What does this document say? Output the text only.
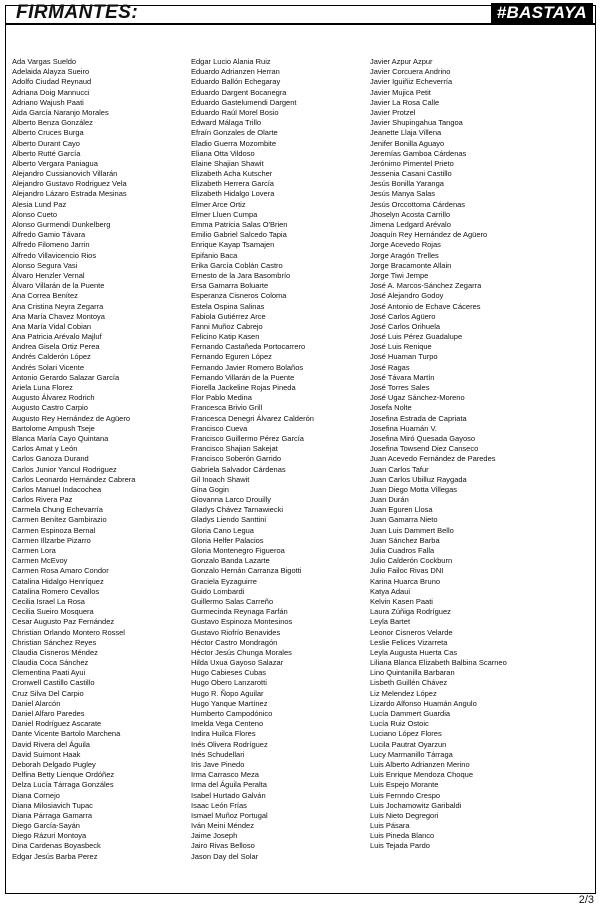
FIRMANTES:	#BASTAYA
Ada Vargas Sueldo
Adelaida Alayza Sueiro
Adolfo Ciudad Reynaud
Adriana Doig Mannucci
Adriano Wajush Paati
Aida García Naranjo Morales
Alberto Benza González
Alberto Cruces Burga
Alberto Durant Cayo
Alberto Rutté García
Alberto Vergara Paniagua
Alejandro Cussianovich Villarán
Alejandro Gustavo Rodriguez Vela
Alejandro Lázaro Estrada Mesinas
Alesia Lund Paz
Alonso Cueto
Alonso Gurmendi Dunkelberg
Alfredo Gamio Távara
Alfredo Filomeno Jarrin
Alfredo Villavicencio Rios
Alonso Segura Vasi
Álvaro Henzler Vernal
Álvaro Villarán de la Puente
Ana Correa Benítez
Ana Cristina Neyra Zegarra
Ana María Chavez Montoya
Ana María Vidal Cobian
Ana Patricia Arévalo Majluf
Andrea Gisela Ortiz Perea
Andrés Calderón López
Andrés Solari Vicente
Antonio Gerardo Salazar García
Ariela Luna Florez
Augusto Álvarez Rodrich
Augusto Castro Carpio
Augusto Rey Hernández de Agüero
Bartolome Ampush Tseje
Blanca María Cayo Quintana
Carlos Amat y León
Carlos Ganoza Durand
Carlos Junior Yancul Rodriguez
Carlos Leonardo Hernández Cabrera
Carlos Manuel Indacochea
Carlos Rivera Paz
Carmela Chung Echevarría
Carmen Benítez Gambirazio
Carmen Espinoza Bernal
Carmen Illzarbe Pizarro
Carmen Lora
Carmen McEvoy
Carmen Rosa Amaro Condor
Catalina Hidalgo Henríquez
Catalina Romero Cevallos
Cecilia Israel La Rosa
Cecilia Sueiro Mosquera
Cesar Augusto Paz Fernández
Christian Orlando Montero Rossel
Christian Sánchez Reyes
Claudia Cisneros Méndez
Claudia Coca Sánchez
Clementina Paati Ayui
Cronwell Castillo Castillo
Cruz Silva Del Carpio
Daniel Alarcón
Daniel Alfaro Paredes
Daniel Rodríguez Ascarate
Dante Vicente Bartolo Marchena
David Rivera del Águila
David Suimont Haak
Deborah Delgado Pugley
Delfina Betty Lienque Ordóñez
Delza Lucía Tárraga Gonzáles
Diana Cornejo
Diana Milosiavich Tupac
Diana Párraga Gamarra
Diego García-Sayán
Diego Rázuri Montoya
Dina Cardenas Boyasbeck
Edgar Jesús Barba Perez
Edgar Lucio Alania Ruiz
Eduardo Adrianzen Herran
Eduardo Ballón Echegaray
Eduardo Dargent Bocanegra
Eduardo Gastelumendi Dargent
Eduardo Raúl Morel Bosio
Edward Málaga Trillo
Efraín Gonzales de Olarte
Eladio Guerra Mozombite
Eliana Otta Vildoso
Elaine Shajian Shawit
Elizabeth Acha Kutscher
Elizabeth Herrera García
Elizabeth Hidalgo Lovera
Elmer Arce Ortiz
Elmer Lluen Cumpa
Emma Patricia Salas O'Brien
Emilio Gabriel Salcedo Tapia
Enrique Kayap Tsamajen
Epifanio Baca
Erika García Coblán Castro
Ernesto de la Jara Basombrío
Ersa Gamarra Boluarte
Esperanza Cisneros Coloma
Estela Ospina Salinas
Fabiola Gutiérrez Arce
Fanni Muñoz Cabrejo
Felicino Katip Kasen
Fernando Castañeda Portocarrero
Fernando Eguren López
Fernando Javier Romero Bolaños
Fernando Villarán de la Puente
Fiorella Jackeline Rojas Pineda
Flor Pablo Medina
Francesca Brivio Grill
Francesca Denegri Álvarez Calderón
Francisco Cueva
Francisco Guillermo Pérez García
Francisco Shajian Sakejat
Francisco Soberón Garrido
Gabriela Salvador Cárdenas
Gil Inoach Shawit
Gina Gogin
Giovanna Larco Drouilly
Gladys Chávez Tarnawiecki
Gladys Liendo Santtini
Gloria Cano Legua
Gloria Helfer Palacios
Gloria Montenegro Figueroa
Gonzalo Banda Lazarte
Gonzalo Hernán Carranza Bigotti
Graciela Eyzaguirre
Guido Lombardi
Guillermo Salas Carreño
Gurmecinda Reynaga Farfán
Gustavo Espinoza Montesinos
Gustavo Riofrío Benavides
Héctor Castro Mondragón
Héctor Jesús Chunga Morales
Hilda Uxua Gayoso Salazar
Hugo Cabieses Cubas
Hugo Obero Lanzarotti
Hugo R. Ñopo Aguilar
Hugo Yanque Martínez
Humberto Campodónico
Imelda Vega Centeno
Indira Huilca Flores
Inés Olivera Rodríguez
Inés Schudellari
Iris Jave Pinedo
Irma Carrasco Meza
Irma del Águila Peralta
Isabel Hurtado Galván
Isaac León Frías
Ismael Muñoz Portugal
Iván Meini Méndez
Jaime Joseph
Jairo Rivas Belloso
Jason Day del Solar
Javier Azpur Azpur
Javier Corcuera Andrino
Javier Iguiñiz Echeverría
Javier Mujica Petit
Javier La Rosa Calle
Javier Protzel
Javier Shupingahua Tangoa
Jeanette Llaja Villena
Jenifer Bonilla Aguayo
Jeremías Gamboa Cárdenas
Jerónimo Pimentel Prieto
Jessenia Casani Castillo
Jesús Bonilla Yaranga
Jesús Manya Salas
Jesús Orccottoma Cárdenas
Jhoselyn Acosta Carrillo
Jimena Ledgard Arévalo
Joaquín Rey Hernández de Agüero
Jorge Acevedo Rojas
Jorge Aragón Trelles
Jorge Bracamonte Allain
Jorge Tiwi Jempe
José A. Marcos-Sánchez Zegarra
José Alejandro Godoy
José Antonio de Echave Cáceres
José Carlos Agüero
José Carlos Orihuela
José Luis Pérez Guadalupe
José Luis Renique
José Huaman Turpo
José Ragas
José Távara Martín
José Torres Sales
José Ugaz Sánchez-Moreno
Josefa Nolte
Josefina Estrada de Capriata
Josefina Huamán V.
Josefina Miró Quesada Gayoso
Josefina Towsend Diez Canseco
Juan Acevedo Fernández de Paredes
Juan Carlos Tafur
Juan Carlos Ubilluz Raygada
Juan Diego Motta Villegas
Juan Durán
Juan Eguren Llosa
Juan Gamarra Nieto
Juan Luis Dammert Bello
Juan Sánchez Barba
Julia Cuadros Falla
Julio Calderón Cockburn
Julio Failoc Rivas DNI
Karina Huarca Bruno
Katya Adaui
Kelvin Kasen Paati
Laura Zúñiga Rodríguez
Leyla Bartet
Leonor Cisneros Velarde
Leslie Felices Vizarreta
Leyla Augusta Huerta Cas
Liliana Blanca Elizabeth Balbina Scarneo
Lino Quintanilla Barbaran
Lisbeth Guillén Chávez
Liz Melendez López
Lizardo Alfonso Huamán Angulo
Lucía Dammert Guardia
Lucía Ruiz Ostoic
Luciano López Flores
Lucila Pautrat Oyarzun
Lucy Marmanillo Tárraga
Luis Alberto Adrianzen Merino
Luis Enrique Mendoza Choque
Luis Espejo Morante
Luis Fernndo Crespo
Luis Jochamowitz Garibaldi
Luis Nieto Degregori
Luis Pásara
Luis Pineda Blanco
Luis Tejada Pardo
2/3
